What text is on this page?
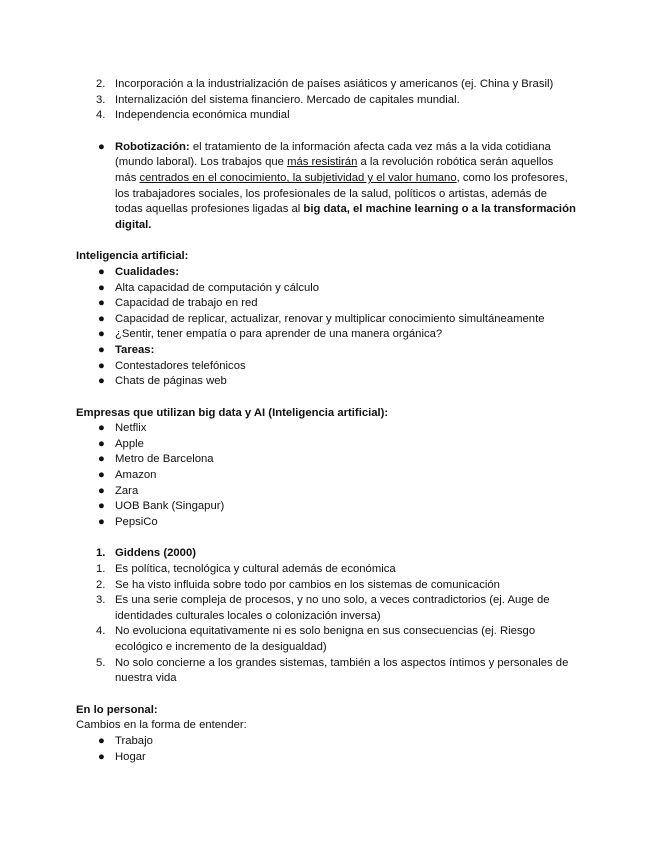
2. Incorporación a la industrialización de países asiáticos y americanos (ej. China y Brasil)
3. Internalización del sistema financiero. Mercado de capitales mundial.
4. Independencia económica mundial
● Robotización: el tratamiento de la información afecta cada vez más a la vida cotidiana (mundo laboral). Los trabajos que más resistirán a la revolución robótica serán aquellos más centrados en el conocimiento, la subjetividad y el valor humano, como los profesores, los trabajadores sociales, los profesionales de la salud, políticos o artistas, además de todas aquellas profesiones ligadas al big data, el machine learning o a la transformación digital.
Inteligencia artificial:
● Cualidades:
● Alta capacidad de computación y cálculo
● Capacidad de trabajo en red
● Capacidad de replicar, actualizar, renovar y multiplicar conocimiento simultáneamente
● ¿Sentir, tener empatía o para aprender de una manera orgánica?
● Tareas:
● Contestadores telefónicos
● Chats de páginas web
Empresas que utilizan big data y AI (Inteligencia artificial):
● Netflix
● Apple
● Metro de Barcelona
● Amazon
● Zara
● UOB Bank (Singapur)
● PepsiCo
1. Giddens (2000)
1. Es política, tecnológica y cultural además de económica
2. Se ha visto influida sobre todo por cambios en los sistemas de comunicación
3. Es una serie compleja de procesos, y no uno solo, a veces contradictorios (ej. Auge de identidades culturales locales o colonización inversa)
4. No evoluciona equitativamente ni es solo benigna en sus consecuencias (ej. Riesgo ecológico e incremento de la desigualdad)
5. No solo concierne a los grandes sistemas, también a los aspectos íntimos y personales de nuestra vida
En lo personal:
Cambios en la forma de entender:
● Trabajo
● Hogar
